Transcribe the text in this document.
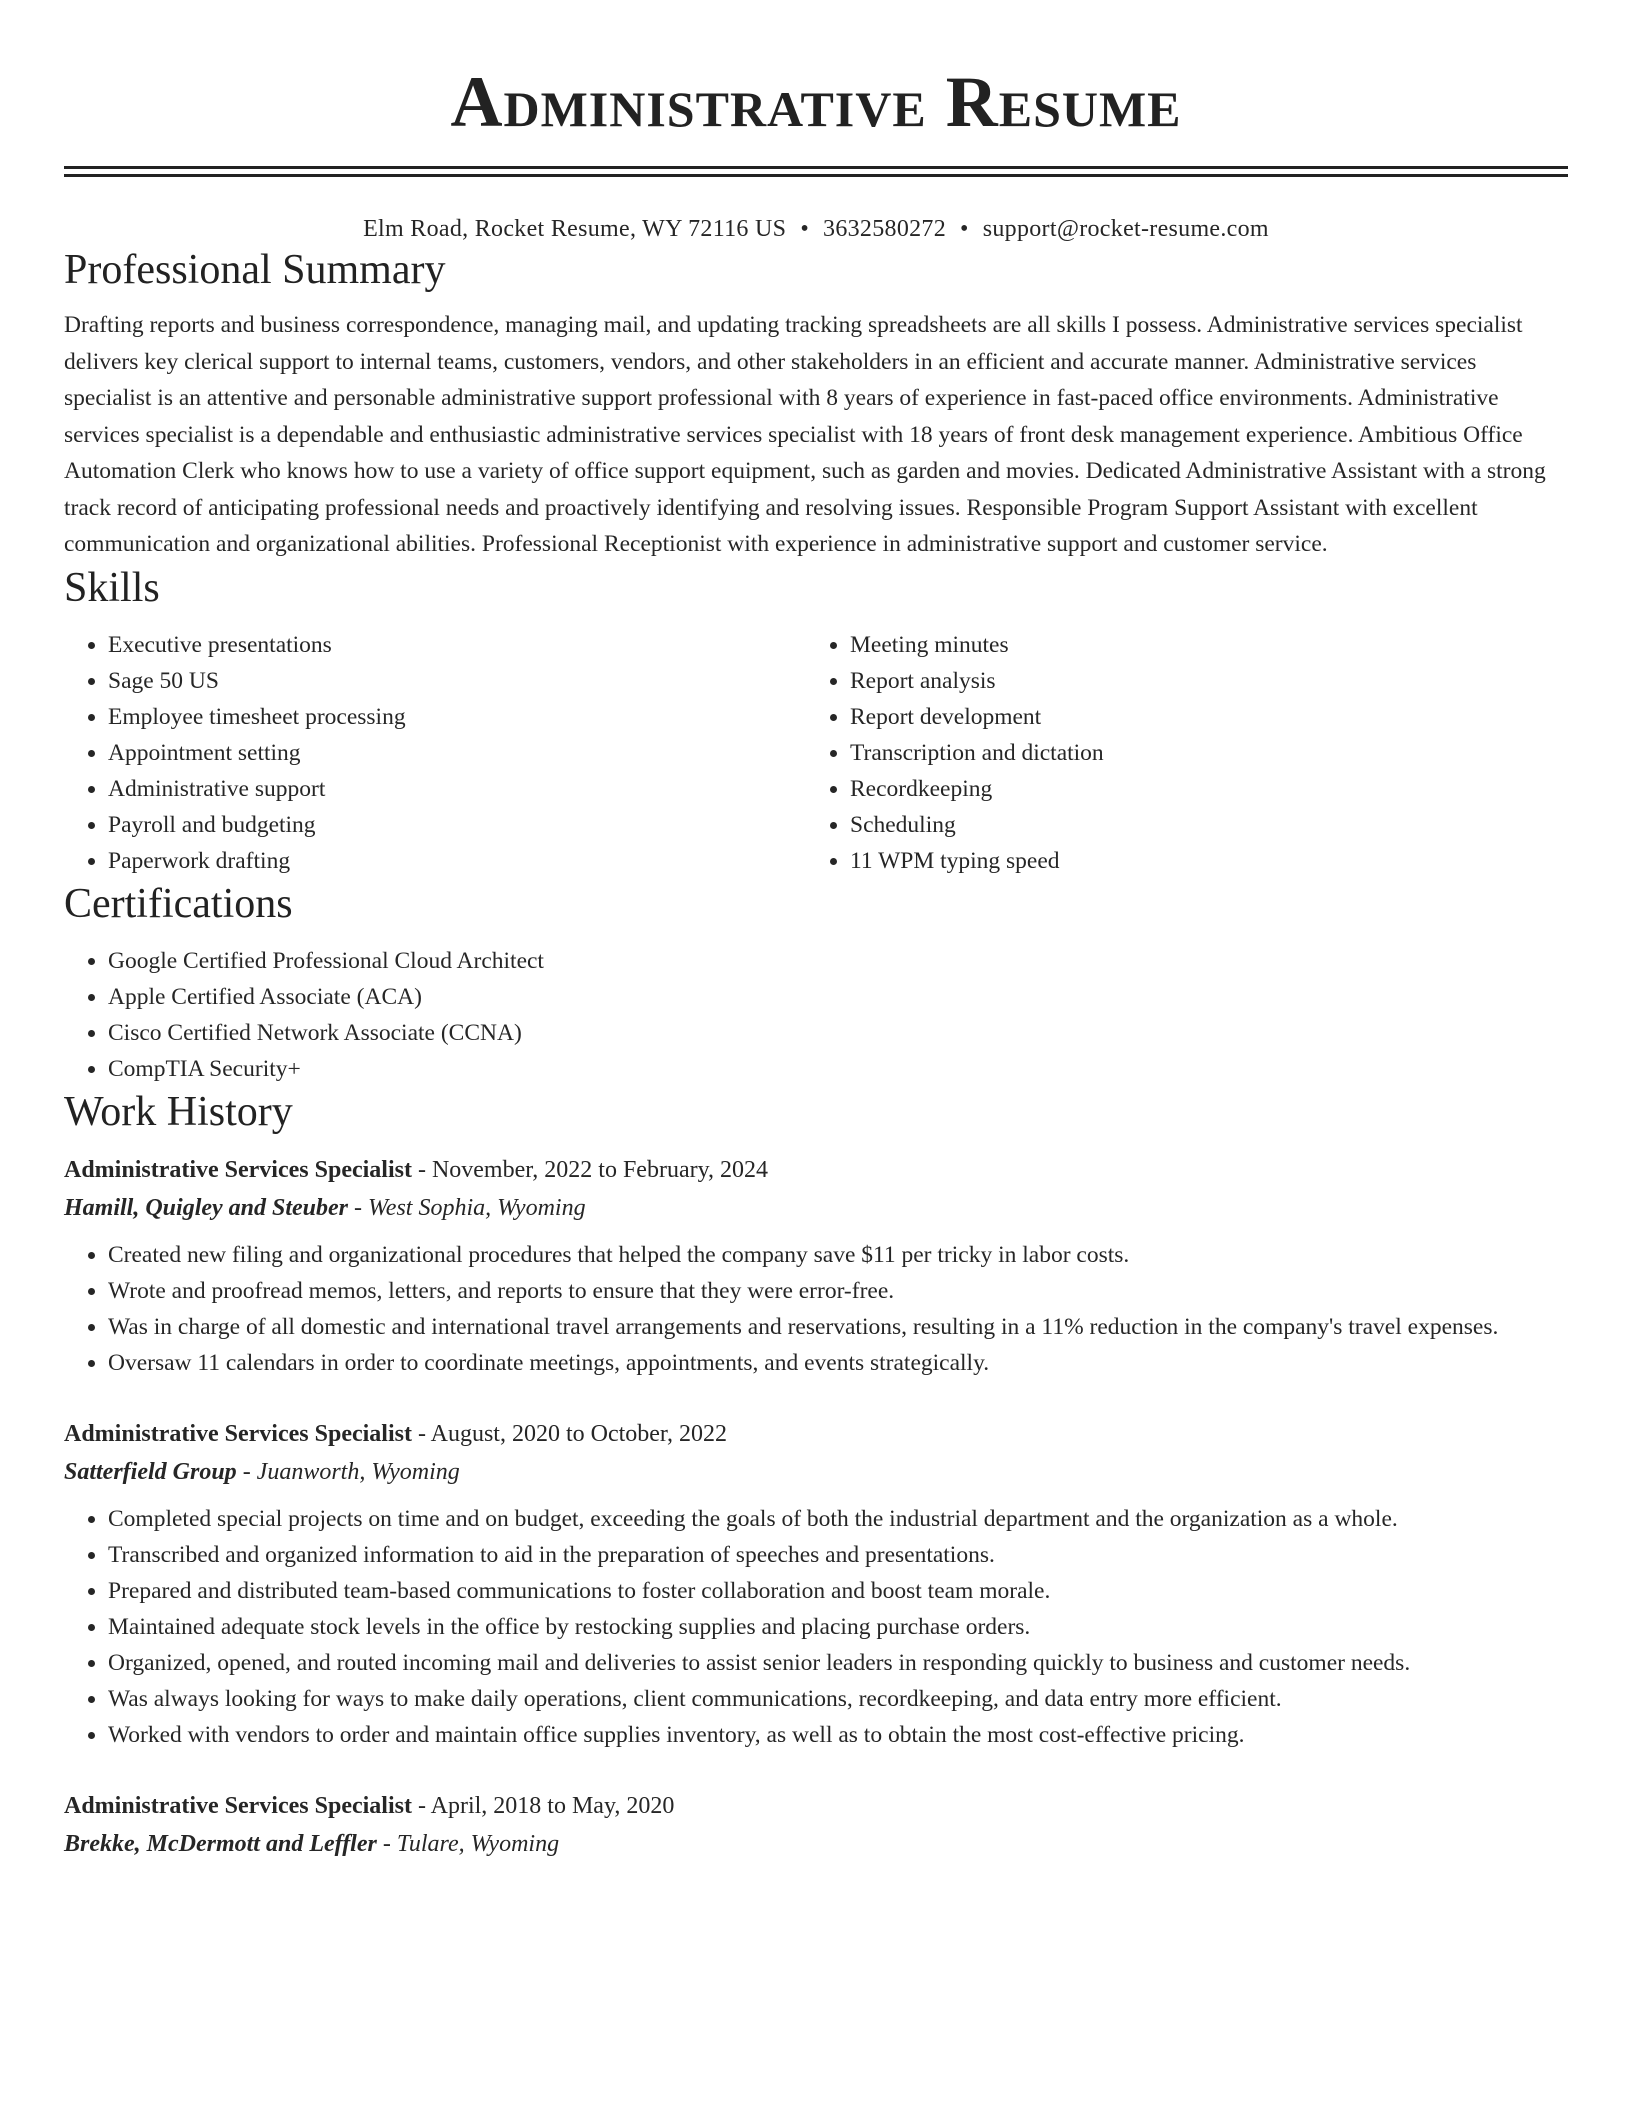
Administrative Resume
Elm Road, Rocket Resume, WY 72116 US • 3632580272 • support@rocket-resume.com
Professional Summary

Drafting reports and business correspondence, managing mail, and updating tracking spreadsheets are all skills I possess. Administrative services specialist delivers key clerical support to internal teams, customers, vendors, and other stakeholders in an efficient and accurate manner. Administrative services specialist is an attentive and personable administrative support professional with 8 years of experience in fast-paced office environments. Administrative services specialist is a dependable and enthusiastic administrative services specialist with 18 years of front desk management experience. Ambitious Office Automation Clerk who knows how to use a variety of office support equipment, such as garden and movies. Dedicated Administrative Assistant with a strong track record of anticipating professional needs and proactively identifying and resolving issues. Responsible Program Support Assistant with excellent communication and organizational abilities. Professional Receptionist with experience in administrative support and customer service.

Skills
• Executive presentations
• Sage 50 US
• Employee timesheet processing
• Appointment setting
• Administrative support
• Payroll and budgeting
• Paperwork drafting
• Meeting minutes
• Report analysis
• Report development
• Transcription and dictation
• Recordkeeping
• Scheduling
• 11 WPM typing speed
Certifications
• Google Certified Professional Cloud Architect
• Apple Certified Associate (ACA)
• Cisco Certified Network Associate (CCNA)
• CompTIA Security+
Work History
Administrative Services Specialist - November, 2022 to February, 2024
Hamill, Quigley and Steuber - West Sophia, Wyoming
• Created new filing and organizational procedures that helped the company save $11 per tricky in labor costs.
• Wrote and proofread memos, letters, and reports to ensure that they were error-free.
• Was in charge of all domestic and international travel arrangements and reservations, resulting in a 11% reduction in the company's travel expenses.
• Oversaw 11 calendars in order to coordinate meetings, appointments, and events strategically.
Administrative Services Specialist - August, 2020 to October, 2022
Satterfield Group - Juanworth, Wyoming
• Completed special projects on time and on budget, exceeding the goals of both the industrial department and the organization as a whole.
• Transcribed and organized information to aid in the preparation of speeches and presentations.
• Prepared and distributed team-based communications to foster collaboration and boost team morale.
• Maintained adequate stock levels in the office by restocking supplies and placing purchase orders.
• Organized, opened, and routed incoming mail and deliveries to assist senior leaders in responding quickly to business and customer needs.
• Was always looking for ways to make daily operations, client communications, recordkeeping, and data entry more efficient.
• Worked with vendors to order and maintain office supplies inventory, as well as to obtain the most cost-effective pricing.
Administrative Services Specialist - April, 2018 to May, 2020
Brekke, McDermott and Leffler - Tulare, Wyoming
